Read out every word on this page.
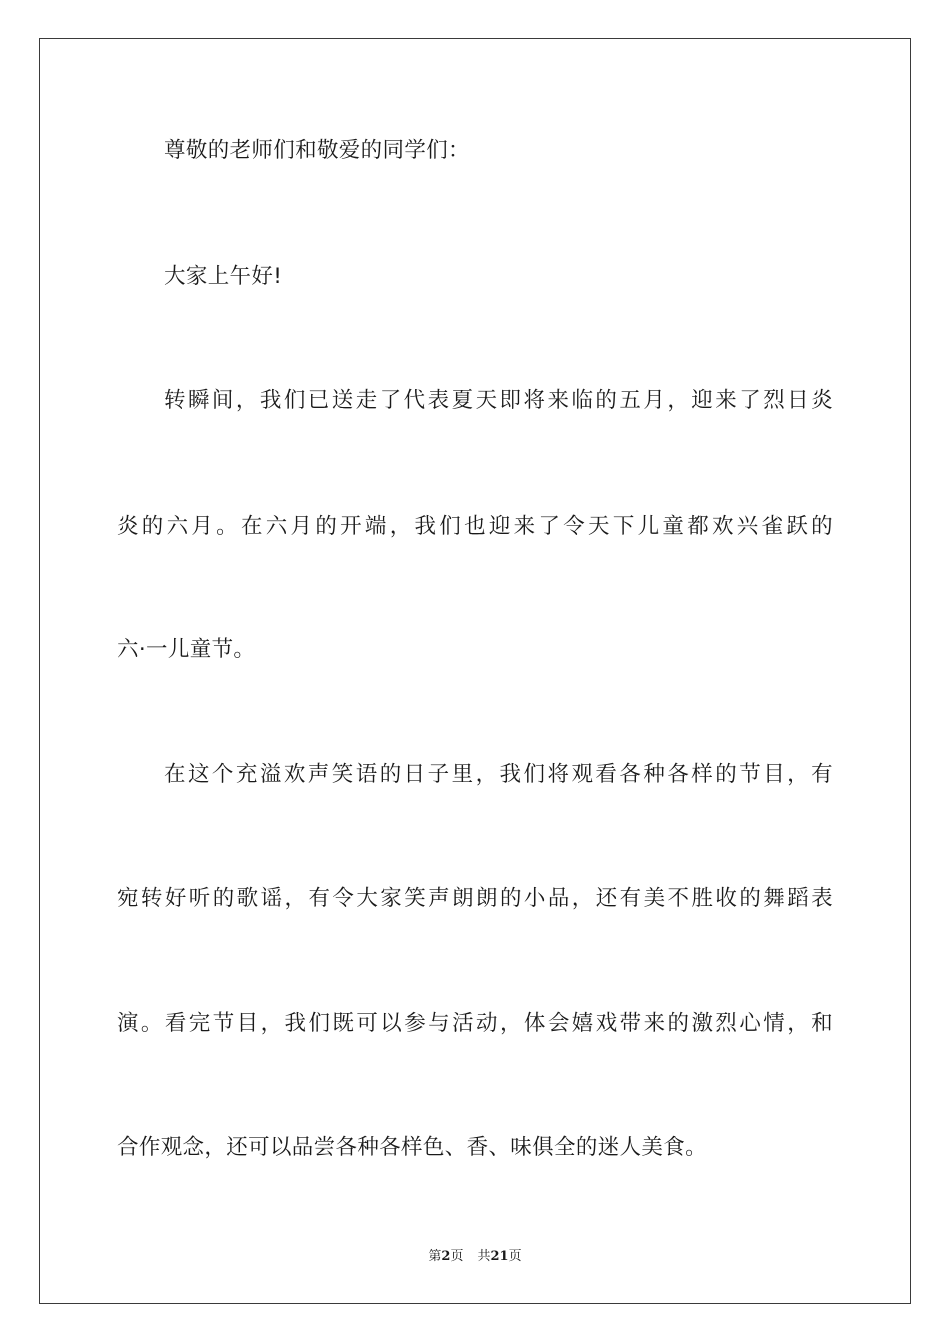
尊敬的老师们和敬爱的同学们：
大家上午好!
转瞬间，我们已送走了代表夏天即将来临的五月，迎来了烈日炎
炎的六月。在六月的开端，我们也迎来了令天下儿童都欢兴雀跃的
六·一儿童节。
在这个充溢欢声笑语的日子里，我们将观看各种各样的节目，有
宛转好听的歌谣，有令大家笑声朗朗的小品，还有美不胜收的舞蹈表
演。看完节目，我们既可以参与活动，体会嬉戏带来的激烈心情，和
合作观念，还可以品尝各种各样色、香、味俱全的迷人美食。
第2页 共21页
